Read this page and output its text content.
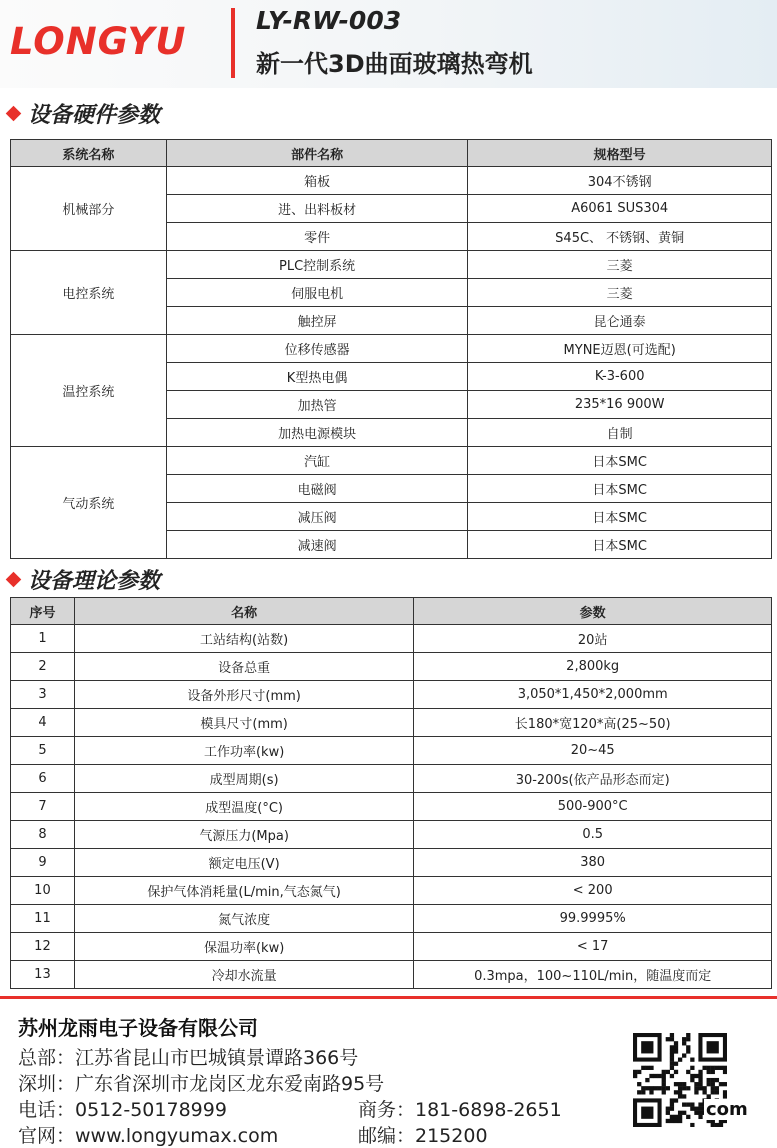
LONGYU	LY-RW-003
新一代3D曲面玻璃热弯机
设备硬件参数
系统名称	部件名称	规格型号
机械部分	箱板	304不锈钢
	进、出料板材	A6061 SUS304
	零件	S45C、 不锈钢、黄铜
电控系统	PLC控制系统	三菱
	伺服电机	三菱
	触控屏	昆仑通泰
温控系统	位移传感器	MYNE迈恩(可选配)
	K型热电偶	K-3-600
	加热管	235*16 900W
	加热电源模块	自制
气动系统	汽缸	日本SMC
	电磁阀	日本SMC
	减压阀	日本SMC
	减速阀	日本SMC
设备理论参数
序号	名称	参数
1	工站结构(站数)	20站
2	设备总重	2,800kg
3	设备外形尺寸(mm)	3,050*1,450*2,000mm
4	模具尺寸(mm)	长180*宽120*高(25~50)
5	工作功率(kw)	20~45
6	成型周期(s)	30-200s(依产品形态而定)
7	成型温度(°C)	500-900°C
8	气源压力(Mpa)	0.5
9	额定电压(V)	380
10	保护气体消耗量(L/min,气态氮气)	< 200
11	氮气浓度	99.9995%
12	保温功率(kw)	< 17
13	冷却水流量	0.3mpa，100~110L/min，随温度而定
苏州龙雨电子设备有限公司
总部：江苏省昆山市巴城镇景谭路366号
深圳：广东省深圳市龙岗区龙东爱南路95号
电话：0512-50178999	商务：181-6898-2651
官网：www.longyumax.com	邮编：215200
com
